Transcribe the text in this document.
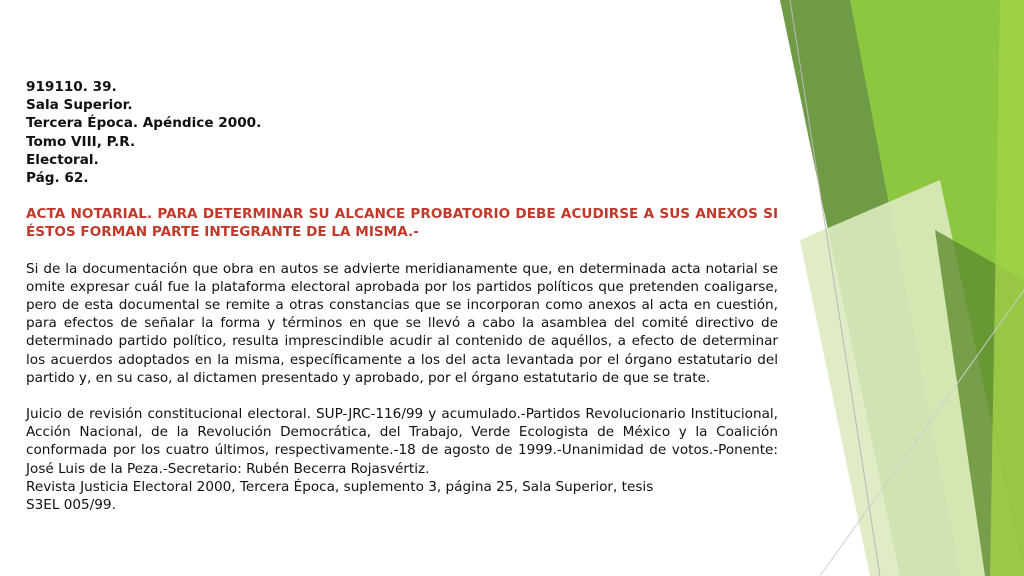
919110. 39.
Sala Superior.
Tercera Época. Apéndice 2000.
Tomo VIII, P.R.
Electoral.
Pág. 62.
ACTA NOTARIAL. PARA DETERMINAR SU ALCANCE PROBATORIO DEBE ACUDIRSE A SUS ANEXOS SI ÉSTOS FORMAN PARTE INTEGRANTE DE LA MISMA.-
Si de la documentación que obra en autos se advierte meridianamente que, en determinada acta notarial se omite expresar cuál fue la plataforma electoral aprobada por los partidos políticos que pretenden coaligarse, pero de esta documental se remite a otras constancias que se incorporan como anexos al acta en cuestión, para efectos de señalar la forma y términos en que se llevó a cabo la asamblea del comité directivo de determinado partido político, resulta imprescindible acudir al contenido de aquéllos, a efecto de determinar los acuerdos adoptados en la misma, específicamente a los del acta levantada por el órgano estatutario del partido y, en su caso, al dictamen presentado y aprobado, por el órgano estatutario de que se trate.
Juicio de revisión constitucional electoral. SUP-JRC-116/99 y acumulado.-Partidos Revolucionario Institucional, Acción Nacional, de la Revolución Democrática, del Trabajo, Verde Ecologista de México y la Coalición conformada por los cuatro últimos, respectivamente.-18 de agosto de 1999.-Unanimidad de votos.-Ponente: José Luis de la Peza.-Secretario: Rubén Becerra Rojasvértiz.
Revista Justicia Electoral 2000, Tercera Época, suplemento 3, página 25, Sala Superior, tesis
S3EL 005/99.
